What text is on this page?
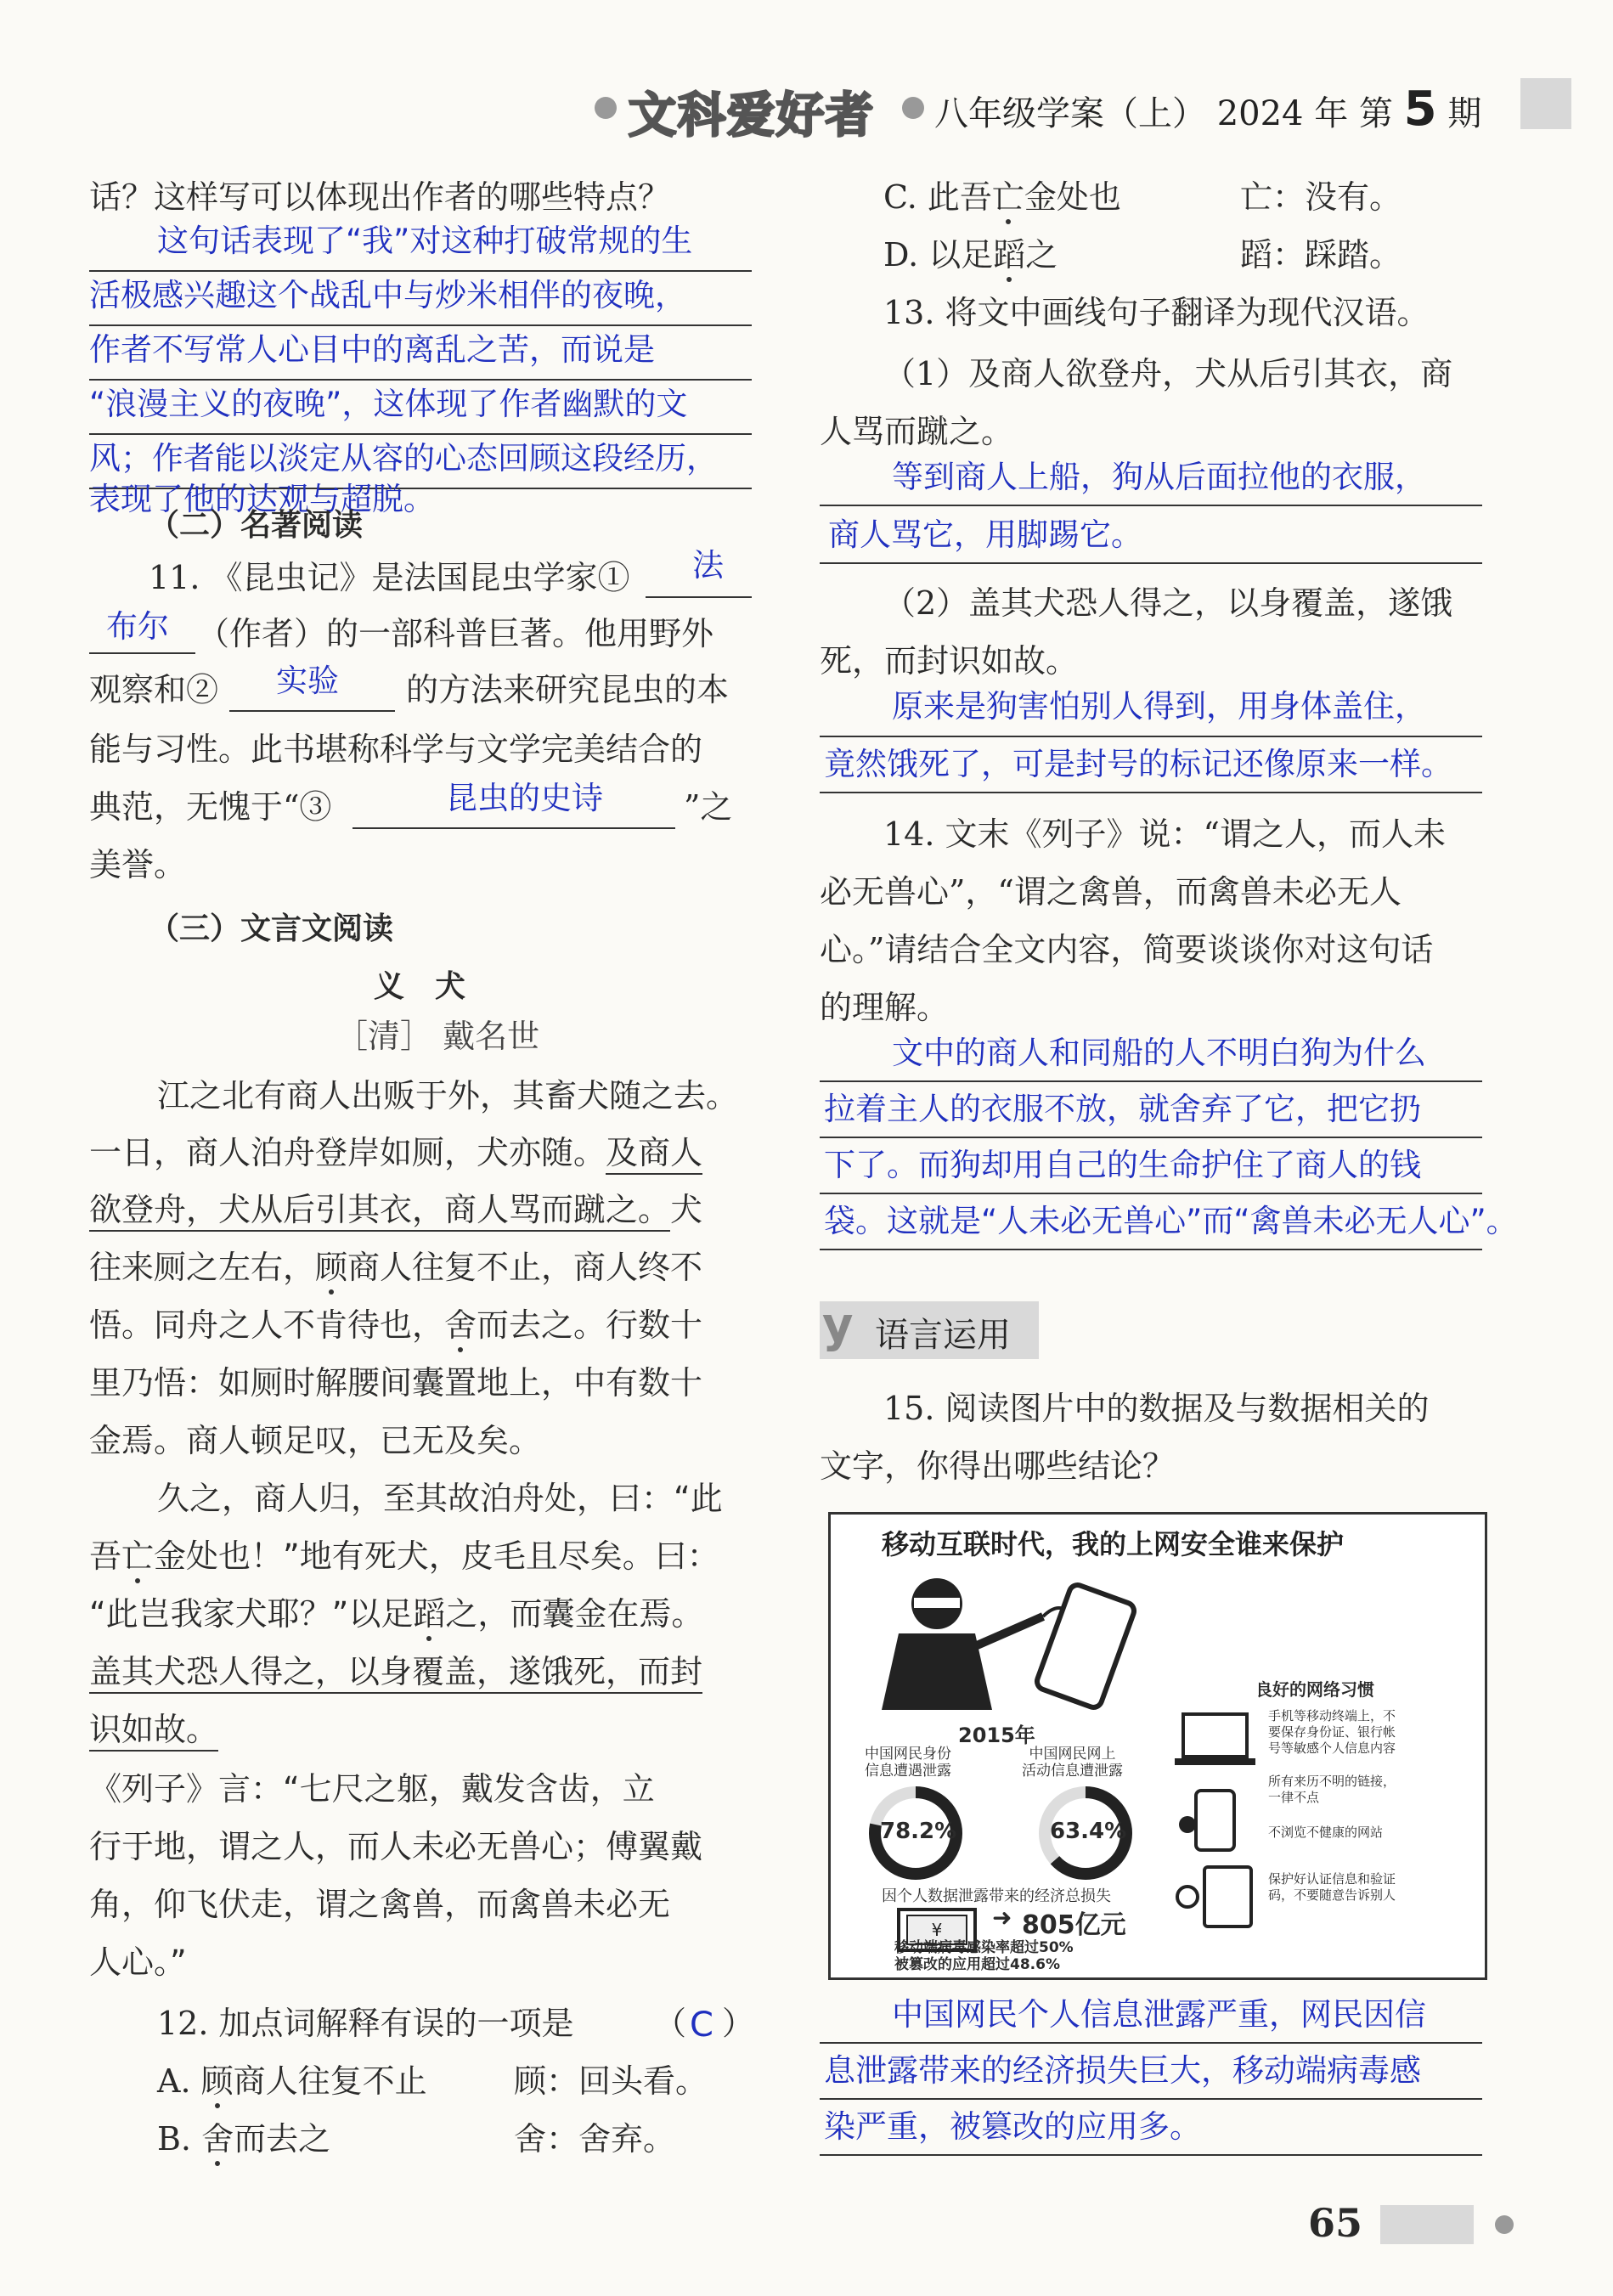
文科爱好者 八年级学案（上） 2024 年 第 5 期
话？这样写可以体现出作者的哪些特点？
这句话表现了“我”对这种打破常规的生
活极感兴趣这个战乱中与炒米相伴的夜晚，
作者不写常人心目中的离乱之苦，而说是
“浪漫主义的夜晚”，这体现了作者幽默的文
风；作者能以淡定从容的心态回顾这段经历，
表现了他的达观与超脱。
（二）名著阅读
11. 《昆虫记》是法国昆虫学家① 法
布尔 （作者）的一部科普巨著。他用野外
观察和② 实验 的方法来研究昆虫的本
能与习性。此书堪称科学与文学完美结合的
典范，无愧于“③	昆虫的史诗	”之
美誉。
（三）文言文阅读
义　犬
［清］ 戴名世
江之北有商人出贩于外，其畜犬随之去。
一日，商人泊舟登岸如厕，犬亦随。及商人
欲登舟，犬从后引其衣，商人骂而蹴之。犬
往来厕之左右，顾商人往复不止，商人终不
悟。同舟之人不肯待也，舍而去之。行数十
里乃悟：如厕时解腰间囊置地上，中有数十
金焉。商人顿足叹，已无及矣。
久之，商人归，至其故泊舟处，曰：“此
吾亡金处也！”地有死犬，皮毛且尽矣。曰：
“此岂我家犬耶？”以足蹈之，而囊金在焉。
盖其犬恐人得之，以身覆盖，遂饿死，而封
识如故。
《列子》言：“七尺之躯，戴发含齿，立
行于地，谓之人，而人未必无兽心；傅翼戴
角，仰飞伏走，谓之禽兽，而禽兽未必无
人心。”
12. 加点词解释有误的一项是 （ C ）
A. 顾商人往复不止	顾：回头看。
B. 舍而去之	舍：舍弃。
C. 此吾亡金处也	亡：没有。
D. 以足蹈之	蹈：踩踏。
13. 将文中画线句子翻译为现代汉语。
（1）及商人欲登舟，犬从后引其衣，商
人骂而蹴之。
等到商人上船，狗从后面拉他的衣服，
商人骂它，用脚踢它。
（2）盖其犬恐人得之，以身覆盖，遂饿
死，而封识如故。
原来是狗害怕别人得到，用身体盖住，
竟然饿死了，可是封号的标记还像原来一样。
14. 文末《列子》说：“谓之人，而人未
必无兽心”，“谓之禽兽，而禽兽未必无人
心。”请结合全文内容，简要谈谈你对这句话
的理解。
文中的商人和同船的人不明白狗为什么
拉着主人的衣服不放，就舍弃了它，把它扔
下了。而狗却用自己的生命护住了商人的钱
袋。这就是“人未必无兽心”而“禽兽未必无人心”。
y 语言运用
15. 阅读图片中的数据及与数据相关的
文字，你得出哪些结论？
移动互联时代，我的上网安全谁来保护
2015年
中国网民身份
信息遭遇泄露
中国网民网上
活动信息遭泄露
78.2%	63.4%
因个人数据泄露带来的经济总损失
¥ ➜ 805亿元
移动端病毒感染率超过50%
被篡改的应用超过48.6%
良好的网络习惯
手机等移动终端上，不
要保存身份证、银行帐
号等敏感个人信息内容
所有来历不明的链接，
一律不点
不浏览不健康的网站
保护好认证信息和验证
码，不要随意告诉别人
中国网民个人信息泄露严重，网民因信
息泄露带来的经济损失巨大，移动端病毒感
染严重，被篡改的应用多。
65
